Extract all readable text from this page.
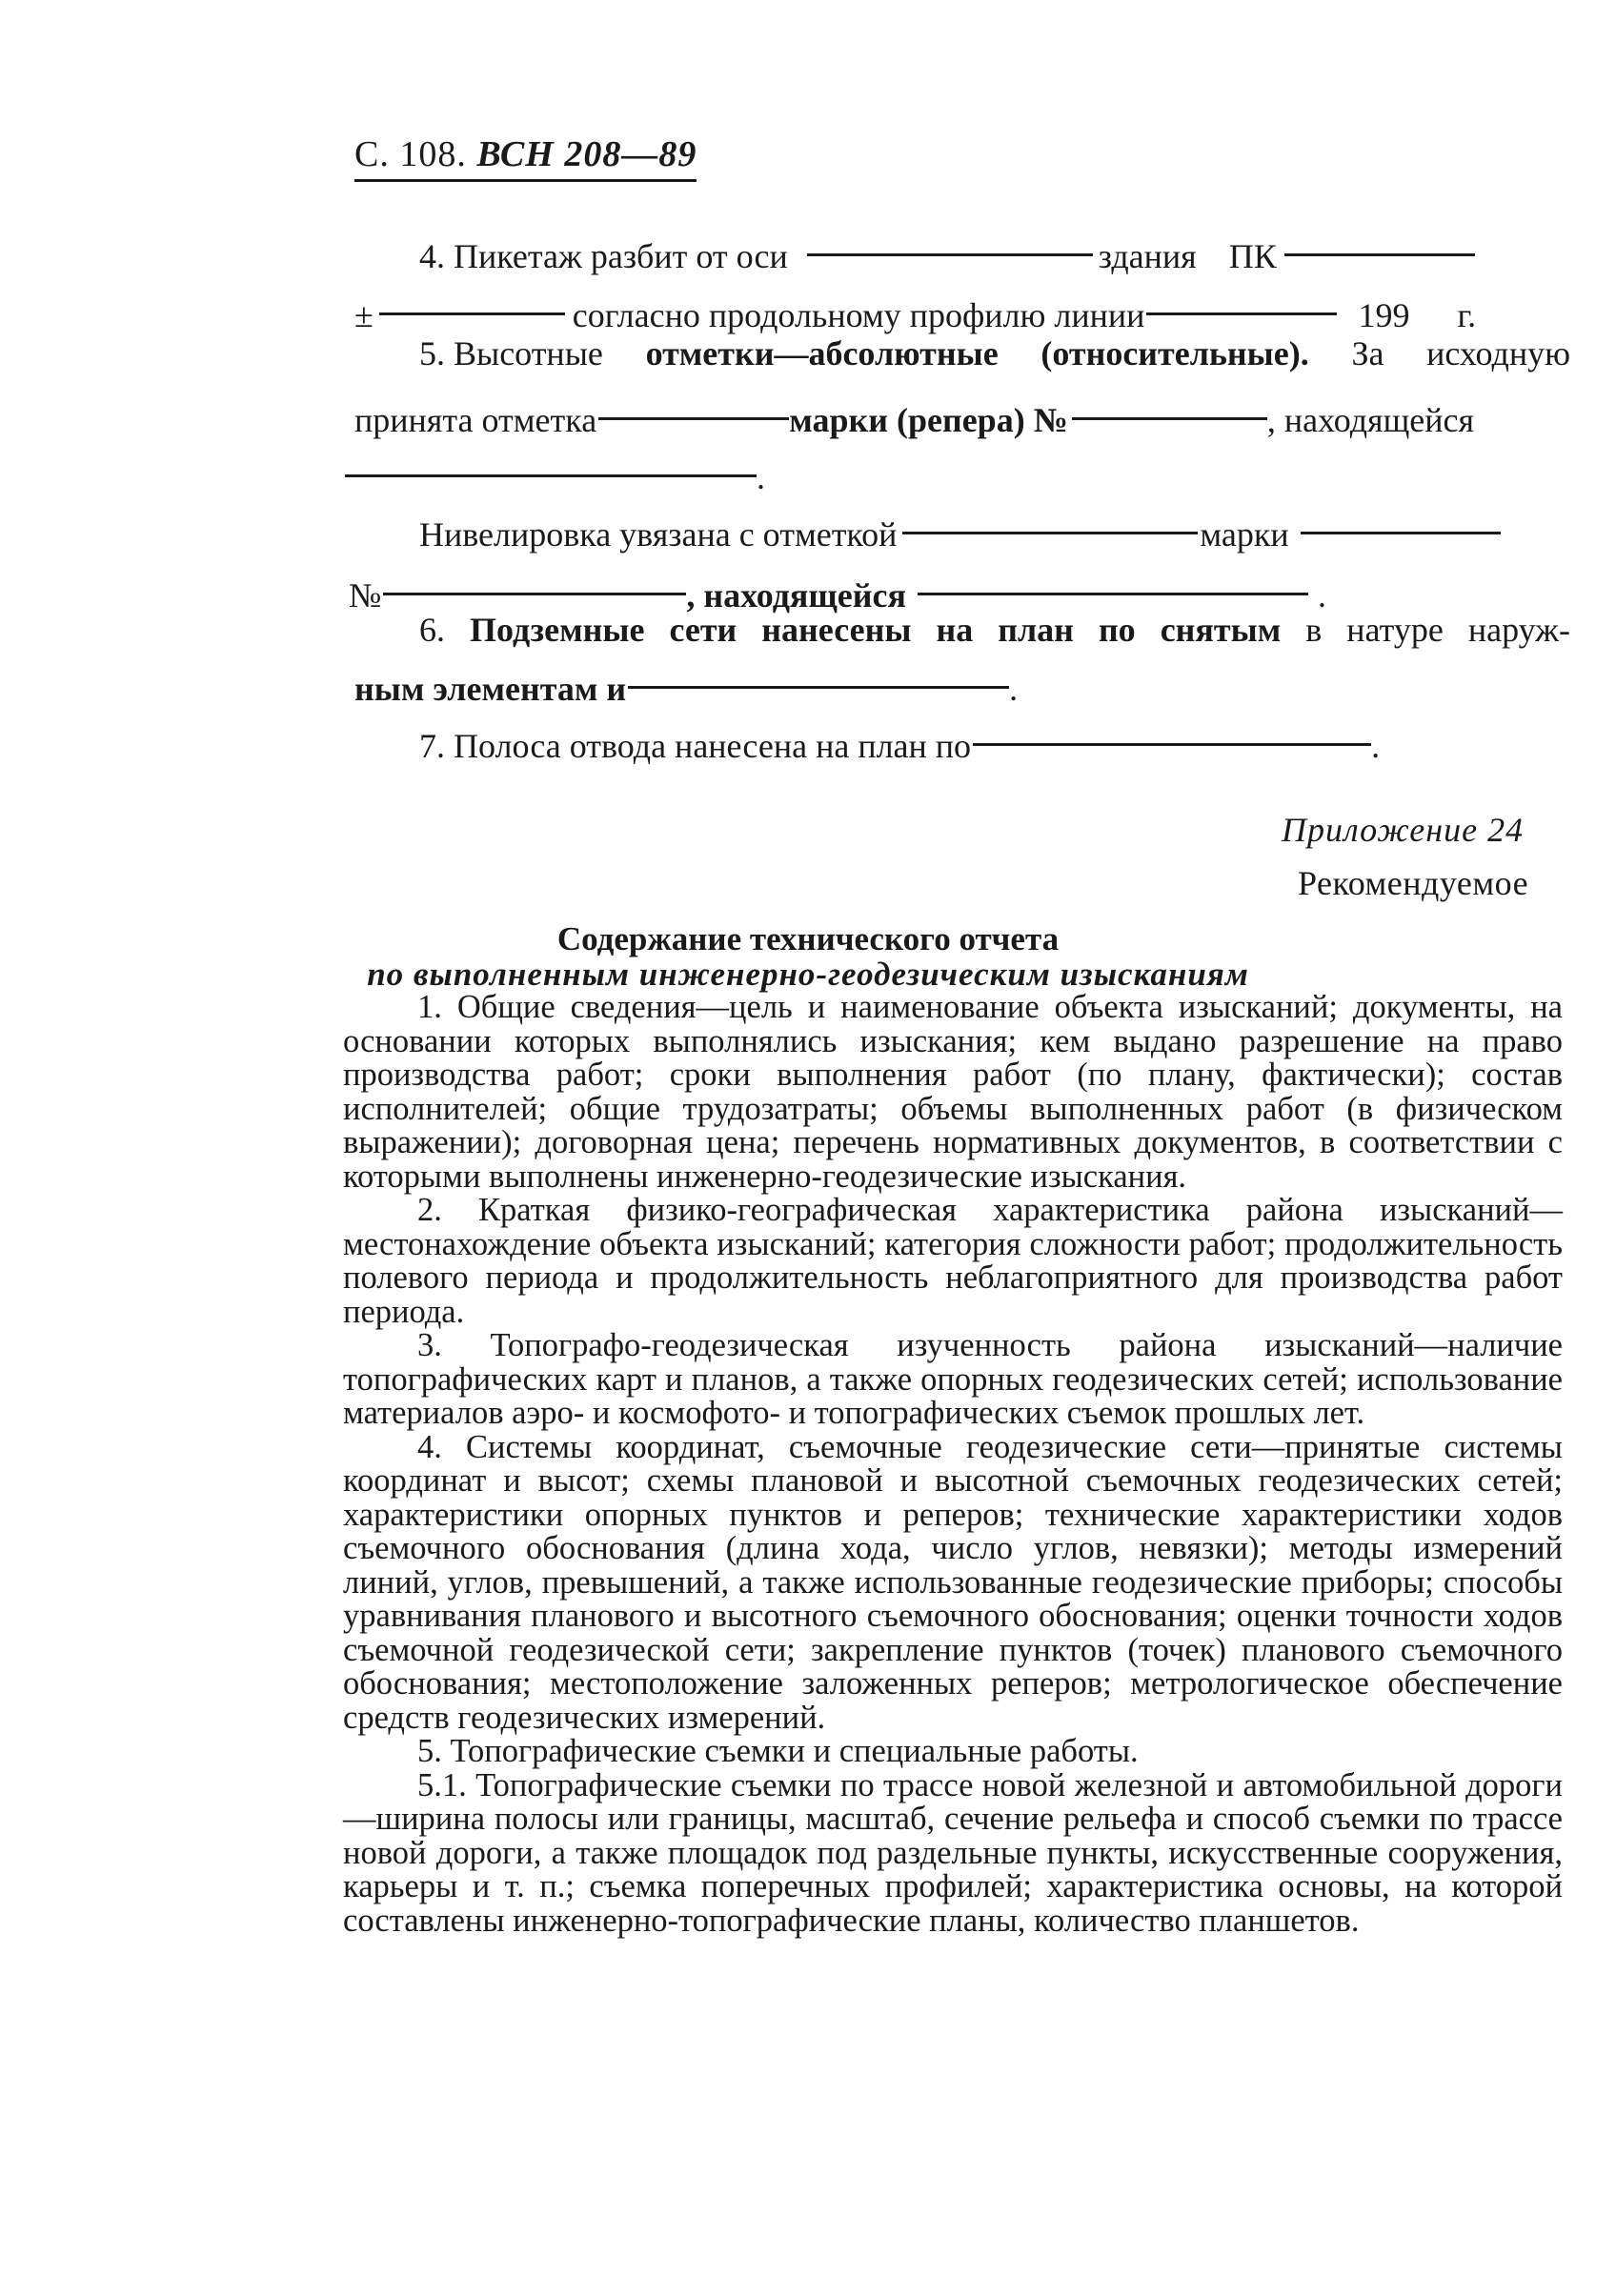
С. 108. ВСН 208—89
4. Пикетаж разбит от оси	здания ПК
±	согласно продольному профилю линии	199 г.
5. Высотные отметки—абсолютные (относительные). За исходную
принята отметка	марки (репера) №	, находящейся
.
Нивелировка увязана с отметкой	марки
№	, находящейся	.
6. Подземные сети нанесены на план по снятым в натуре наруж-
ным элементам и	.
7. Полоса отвода нанесена на план по	.
Приложение 24
Рекомендуемое
Содержание технического отчета
по выполненным инженерно-геодезическим изысканиям

1. Общие сведения—цель и наименование объекта изысканий; документы, на основании которых выполнялись изыскания; кем выдано разрешение на право производства работ; сроки выполнения работ (по плану, фактически); состав исполнителей; общие трудозатраты; объемы выполненных работ (в физическом выражении); договорная цена; перечень нормативных документов, в соответствии с которыми выполнены инженерно-геодезические изыскания.

2. Краткая физико-географическая характеристика района изысканий—местонахождение объекта изысканий; категория сложности работ; продолжительность полевого периода и продолжительность неблагоприятного для производства работ периода.

3. Топографо-геодезическая изученность района изысканий—наличие топографических карт и планов, а также опорных геодезических сетей; использование материалов аэро- и космофото- и топографических съемок прошлых лет.

4. Системы координат, съемочные геодезические сети—принятые системы координат и высот; схемы плановой и высотной съемочных геодезических сетей; характеристики опорных пунктов и реперов; технические характеристики ходов съемочного обоснования (длина хода, число углов, невязки); методы измерений линий, углов, превышений, а также использованные геодезические приборы; способы уравнивания планового и высотного съемочного обоснования; оценки точности ходов съемочной геодезической сети; закрепление пунктов (точек) планового съемочного обоснования; местоположение заложенных реперов; метрологическое обеспечение средств геодезических измерений.

5. Топографические съемки и специальные работы.

5.1. Топографические съемки по трассе новой железной и автомобильной дороги—ширина полосы или границы, масштаб, сечение рельефа и способ съемки по трассе новой дороги, а также площадок под раздельные пункты, искусственные сооружения, карьеры и т. п.; съемка поперечных профилей; характеристика основы, на которой составлены инженерно-топографические планы, количество планшетов.
